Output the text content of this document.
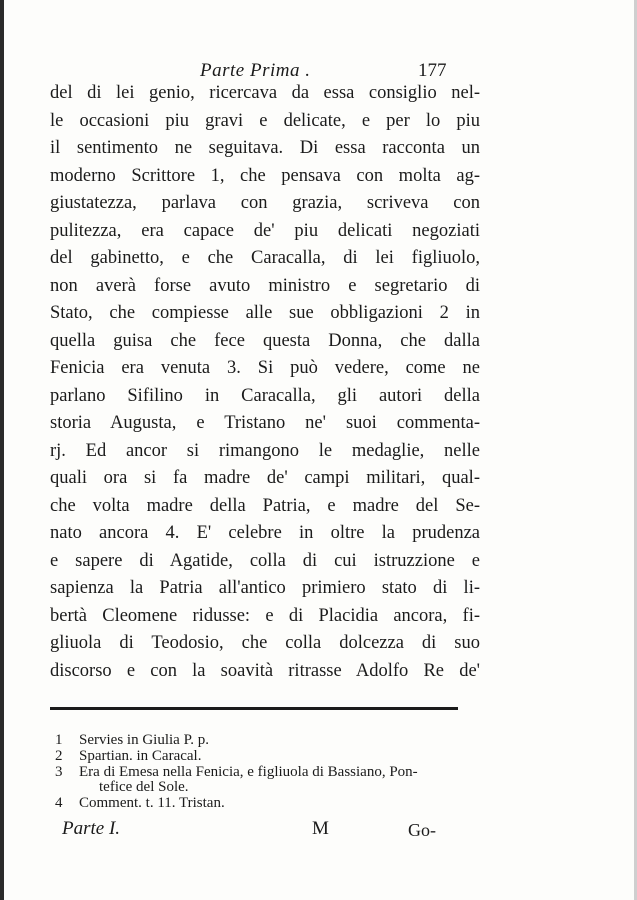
Parte Prima .	177
del di lei genio, ricercava da essa consiglio nel-
le occasioni piu gravi e delicate, e per lo piu
il sentimento ne seguitava. Di essa racconta un
moderno Scrittore 1, che pensava con molta ag-
giustatezza, parlava con grazia, scriveva con
pulitezza, era capace de' piu delicati negoziati
del gabinetto, e che Caracalla, di lei figliuolo,
non averà forse avuto ministro e segretario di
Stato, che compiesse alle sue obbligazioni 2 in
quella guisa che fece questa Donna, che dalla
Fenicia era venuta 3. Si può vedere, come ne
parlano Sifilino in Caracalla, gli autori della
storia Augusta, e Tristano ne' suoi commenta-
rj. Ed ancor si rimangono le medaglie, nelle
quali ora si fa madre de' campi militari, qual-
che volta madre della Patria, e madre del Se-
nato ancora 4. E' celebre in oltre la prudenza
e sapere di Agatide, colla di cui istruzzione e
sapienza la Patria all'antico primiero stato di li-
bertà Cleomene ridusse: e di Placidia ancora, fi-
gliuola di Teodosio, che colla dolcezza di suo
discorso e con la soavità ritrasse Adolfo Re de'
1	Servies in Giulia P. p.
2	Spartian. in Caracal.
3	Era di Emesa nella Fenicia, e figliuola di Bassiano, Pon-
tefice del Sole.
4	Comment. t. 11. Tristan.
Parte I.	M	Go-
